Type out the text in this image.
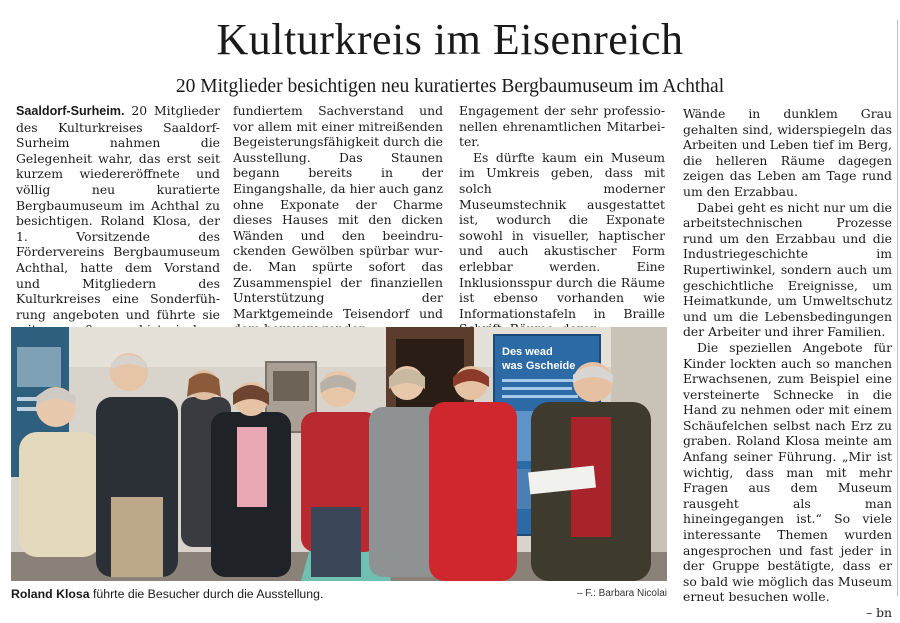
Kulturkreis im Eisenreich
20 Mitglieder besichtigen neu kuratiertes Bergbaumuseum im Achthal

Saaldorf-Surheim. 20 Mitglieder des Kulturkreises Saaldorf-Surheim nahmen die Gelegenheit wahr, das erst seit kurzem wiedereröffnete und völlig neu kuratierte Bergbaumuseum im Achthal zu besichtigen. Roland Klosa, der 1. Vorsitzende des Fördervereins Bergbaumuseum Achthal, hatte dem Vorstand und Mitgliedern des Kulturkreises eine Sonderführung angeboten und führte sie

fundiertem Sachverstand und vor allem mit einer mitreißenden Begeisterungsfähigkeit durch die Ausstellung. Das Staunen begann bereits in der Eingangshalle, da hier auch ganz ohne Exponate der Charme dieses Hauses mit den dicken Wänden und den beeindruckenden Gewölben spürbar wurde. Man spürte sofort das Zusammenspiel der finanziellen Unterstützung der Marktgemeinde Teisendorf und

Engagement der sehr professionellen ehrenamtlichen Mitarbeiter.

Es dürfte kaum ein Museum im Umkreis geben, dass mit solch moderner Museumstechnik ausgestattet ist, wodurch die Exponate sowohl in visueller, haptischer und auch akustischer Form erlebbar werden. Eine Inklusionsspur durch die Räume ist ebenso vorhanden wie Informationstafeln in Braille

Wände in dunklem Grau gehalten sind, widerspiegeln das Arbeiten und Leben tief im Berg, die helleren Räume dagegen zeigen das Leben am Tage rund um den Erzabbau.

Dabei geht es nicht nur um die arbeitstechnischen Prozesse rund um den Erzabbau und die Industriegeschichte im Rupertiwinkel, sondern auch um geschichtliche Ereignisse, um Heimatkunde, um Umweltschutz und um die Lebensbedingungen der Arbeiter und ihrer Familien.

Die speziellen Angebote für Kinder lockten auch so manchen Erwachsenen, zum Beispiel eine versteinerte Schnecke in die Hand zu nehmen oder mit einem Schäufelchen selbst nach Erz zu graben. Roland Klosa meinte am Anfang seiner Führung. „Mir ist wichtig, dass man mit mehr Fragen aus dem Museum rausgeht als man hineingegangen ist.“ So viele interessante Themen wurden angesprochen und fast jeder in der Gruppe bestätigte, dass er so bald wie möglich das Museum erneut besuchen wolle.

– bn
Des wead
was Gscheide
Roland Klosa führte die Besucher durch die Ausstellung.	– F.: Barbara Nicolai
